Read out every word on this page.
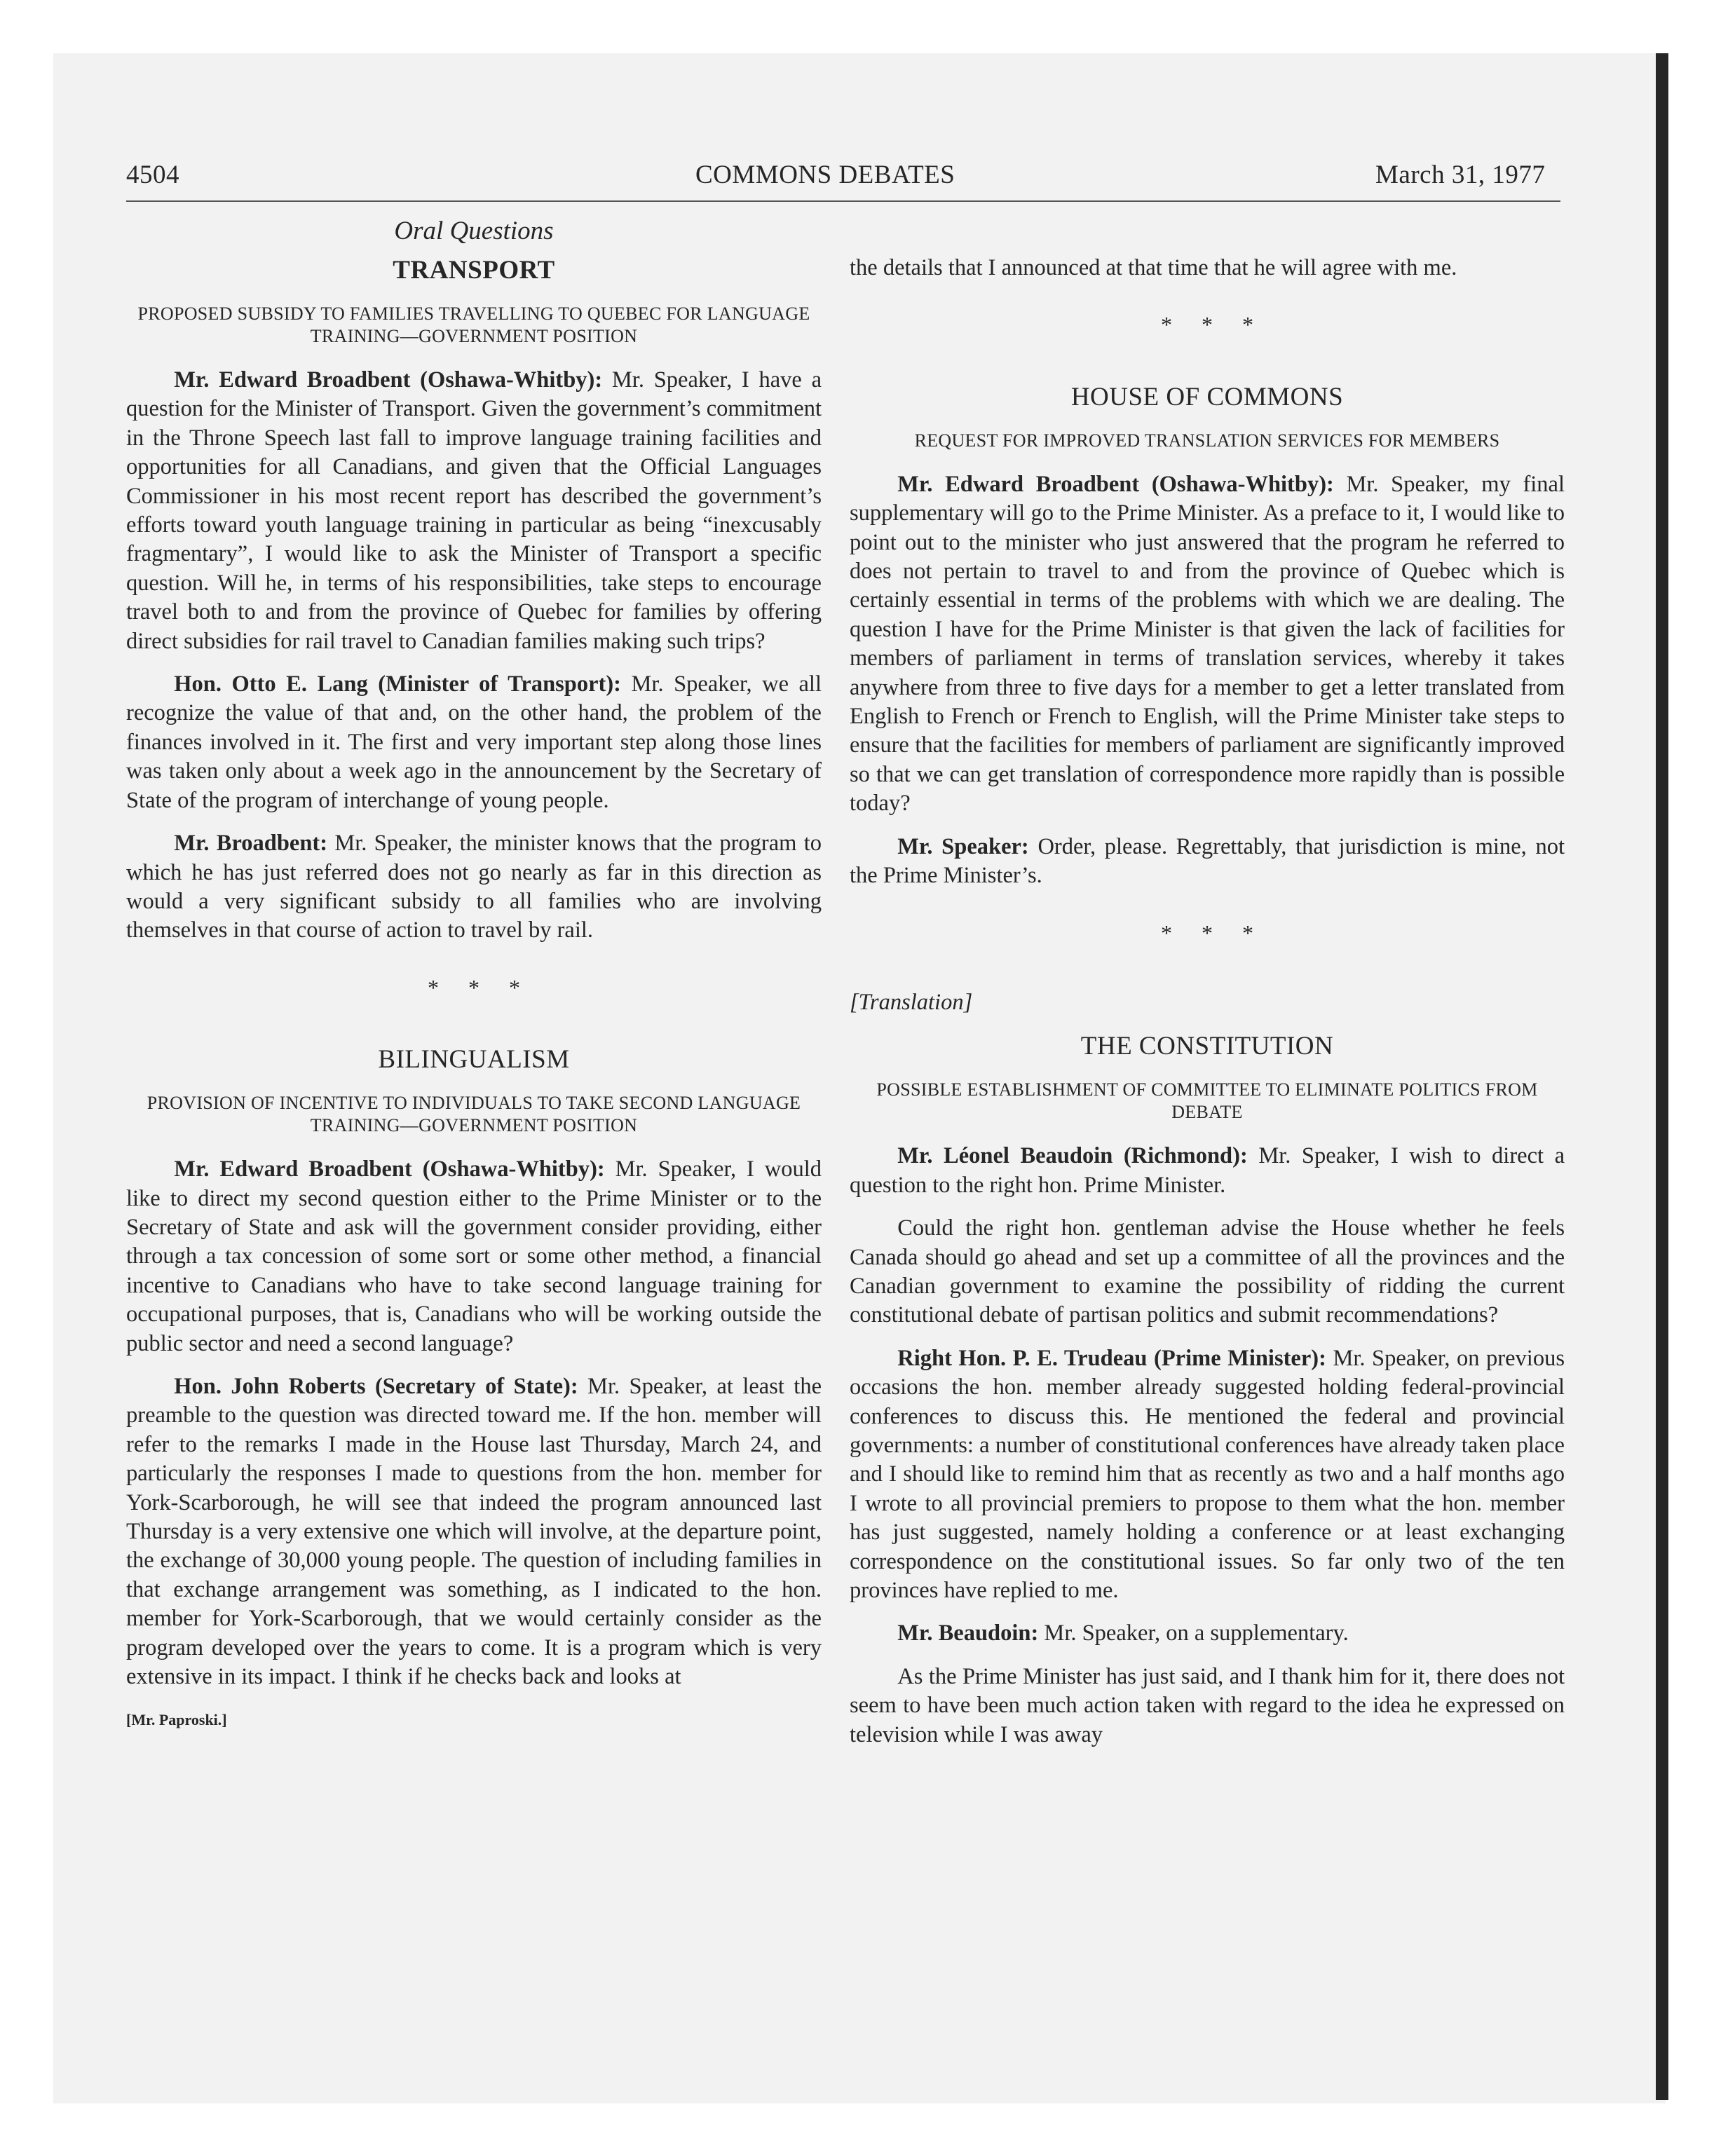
4504	COMMONS DEBATES	March 31, 1977
Oral Questions
TRANSPORT
PROPOSED SUBSIDY TO FAMILIES TRAVELLING TO QUEBEC FOR LANGUAGE TRAINING—GOVERNMENT POSITION

Mr. Edward Broadbent (Oshawa-Whitby): Mr. Speaker, I have a question for the Minister of Transport. Given the government’s commitment in the Throne Speech last fall to improve language training facilities and opportunities for all Canadians, and given that the Official Languages Commissioner in his most recent report has described the government’s efforts toward youth language training in particular as being “inexcusably fragmentary”, I would like to ask the Minister of Transport a specific question. Will he, in terms of his responsibilities, take steps to encourage travel both to and from the province of Quebec for families by offering direct subsidies for rail travel to Canadian families making such trips?

Hon. Otto E. Lang (Minister of Transport): Mr. Speaker, we all recognize the value of that and, on the other hand, the problem of the finances involved in it. The first and very important step along those lines was taken only about a week ago in the announcement by the Secretary of State of the program of interchange of young people.

Mr. Broadbent: Mr. Speaker, the minister knows that the program to which he has just referred does not go nearly as far in this direction as would a very significant subsidy to all families who are involving themselves in that course of action to travel by rail.

* * *
BILINGUALISM
PROVISION OF INCENTIVE TO INDIVIDUALS TO TAKE SECOND LANGUAGE TRAINING—GOVERNMENT POSITION

Mr. Edward Broadbent (Oshawa-Whitby): Mr. Speaker, I would like to direct my second question either to the Prime Minister or to the Secretary of State and ask will the government consider providing, either through a tax concession of some sort or some other method, a financial incentive to Canadians who have to take second language training for occupational purposes, that is, Canadians who will be working outside the public sector and need a second language?

Hon. John Roberts (Secretary of State): Mr. Speaker, at least the preamble to the question was directed toward me. If the hon. member will refer to the remarks I made in the House last Thursday, March 24, and particularly the responses I made to questions from the hon. member for York-Scarborough, he will see that indeed the program announced last Thursday is a very extensive one which will involve, at the departure point, the exchange of 30,000 young people. The question of including families in that exchange arrangement was something, as I indicated to the hon. member for York-Scarborough, that we would certainly consider as the program developed over the years to come. It is a program which is very extensive in its impact. I think if he checks back and looks at

[Mr. Paproski.]

the details that I announced at that time that he will agree with me.

* * *
HOUSE OF COMMONS
REQUEST FOR IMPROVED TRANSLATION SERVICES FOR MEMBERS

Mr. Edward Broadbent (Oshawa-Whitby): Mr. Speaker, my final supplementary will go to the Prime Minister. As a preface to it, I would like to point out to the minister who just answered that the program he referred to does not pertain to travel to and from the province of Quebec which is certainly essential in terms of the problems with which we are dealing. The question I have for the Prime Minister is that given the lack of facilities for members of parliament in terms of translation services, whereby it takes anywhere from three to five days for a member to get a letter translated from English to French or French to English, will the Prime Minister take steps to ensure that the facilities for members of parliament are significantly improved so that we can get translation of correspondence more rapidly than is possible today?

Mr. Speaker: Order, please. Regrettably, that jurisdiction is mine, not the Prime Minister’s.

* * *
[Translation]
THE CONSTITUTION
POSSIBLE ESTABLISHMENT OF COMMITTEE TO ELIMINATE POLITICS FROM DEBATE

Mr. Léonel Beaudoin (Richmond): Mr. Speaker, I wish to direct a question to the right hon. Prime Minister.

Could the right hon. gentleman advise the House whether he feels Canada should go ahead and set up a committee of all the provinces and the Canadian government to examine the possibility of ridding the current constitutional debate of partisan politics and submit recommendations?

Right Hon. P. E. Trudeau (Prime Minister): Mr. Speaker, on previous occasions the hon. member already suggested holding federal-provincial conferences to discuss this. He mentioned the federal and provincial governments: a number of constitutional conferences have already taken place and I should like to remind him that as recently as two and a half months ago I wrote to all provincial premiers to propose to them what the hon. member has just suggested, namely holding a conference or at least exchanging correspondence on the constitutional issues. So far only two of the ten provinces have replied to me.

Mr. Beaudoin: Mr. Speaker, on a supplementary.

As the Prime Minister has just said, and I thank him for it, there does not seem to have been much action taken with regard to the idea he expressed on television while I was away
